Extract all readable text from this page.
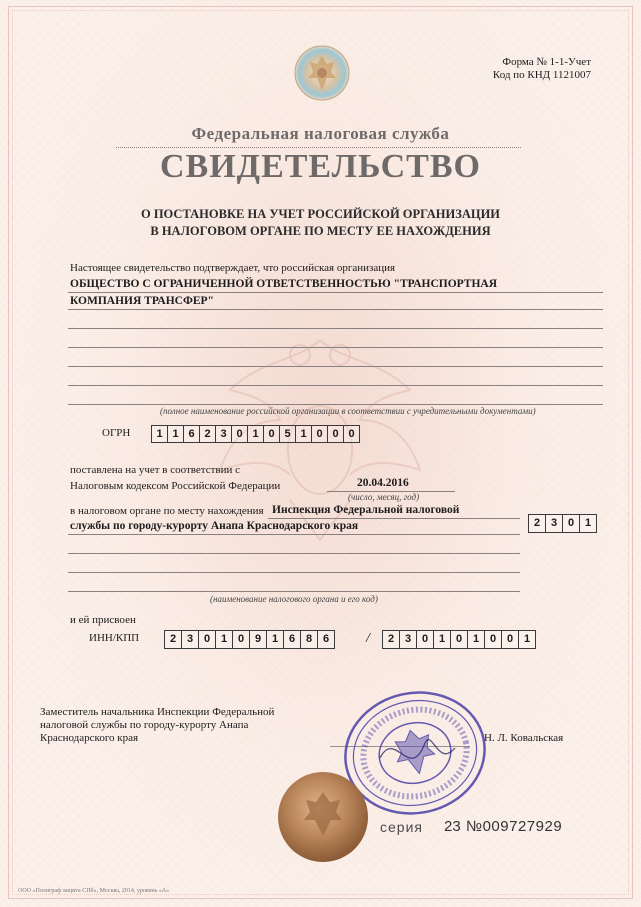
Форма № 1-1-Учет
Код по КНД 1121007
Федеральная налоговая служба
СВИДЕТЕЛЬСТВО
О ПОСТАНОВКЕ НА УЧЕТ РОССИЙСКОЙ ОРГАНИЗАЦИИ
В НАЛОГОВОМ ОРГАНЕ ПО МЕСТУ ЕЕ НАХОЖДЕНИЯ
Настоящее свидетельство подтверждает, что российская организация
ОБЩЕСТВО С ОГРАНИЧЕННОЙ ОТВЕТСТВЕННОСТЬЮ "ТРАНСПОРТНАЯ
КОМПАНИЯ ТРАНСФЕР"
(полное наименование российской организации в соответствии с учредительными документами)
ОГРН	1 1 6 2 3 0 1 0 5 1 0 0 0
поставлена на учет в соответствии с
Налоговым кодексом Российской Федерации	20.04.2016
(число, месяц, год)
в налоговом органе по месту нахождения Инспекция Федеральной налоговой
службы по городу-курорту Анапа Краснодарского края	2 3 0 1
(наименование налогового органа и его код)
и ей присвоен
ИНН/КПП	2 3 0 1 0 9 1 6 8 6	/	2 3 0 1 0 1 0 0 1
Заместитель начальника Инспекции Федеральной
налоговой службы по городу-курорту Анапа
Краснодарского края	Н. Л. Ковальская
серия 23 №009727929
ООО «Полиграф защита СПб», Москва, 2014, уровень «А»
